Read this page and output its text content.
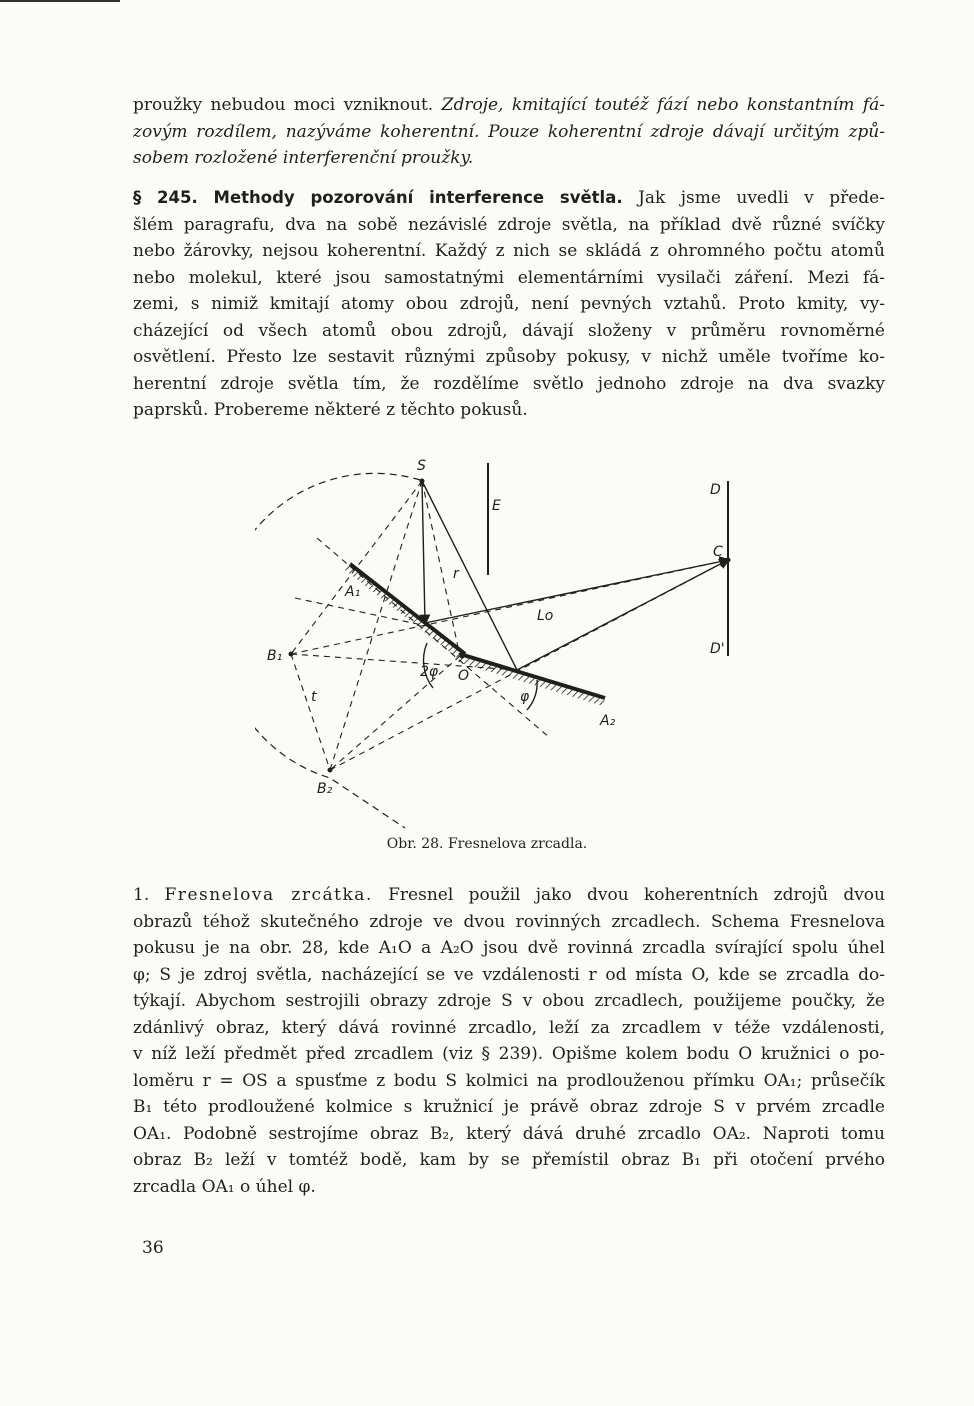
proužky nebudou moci vzniknout. Zdroje, kmitající toutéž fází nebo konstantním fá-
zovým rozdílem, nazýváme koherentní. Pouze koherentní zdroje dávají určitým způ-
sobem rozložené interferenční proužky.
§ 245. Methody pozorování interference světla. Jak jsme uvedli v přede-
šlém paragrafu, dva na sobě nezávislé zdroje světla, na příklad dvě různé svíčky
nebo žárovky, nejsou koherentní. Každý z nich se skládá z ohromného počtu atomů
nebo molekul, které jsou samostatnými elementárními vysilači záření. Mezi fá-
zemi, s nimiž kmitají atomy obou zdrojů, není pevných vztahů. Proto kmity, vy-
cházející od všech atomů obou zdrojů, dávají složeny v průměru rovnoměrné
osvětlení. Přesto lze sestavit různými způsoby pokusy, v nichž uměle tvoříme ko-
herentní zdroje světla tím, že rozdělíme světlo jednoho zdroje na dva svazky
paprsků. Probereme některé z těchto pokusů.
S
E
D
C
D'
A₁
A₂
B₁
B₂
O
r
t
Lo
φ
2φ
Obr. 28. Fresnelova zrcadla.
1. Fresnelova zrcátka. Fresnel použil jako dvou koherentních zdrojů dvou
obrazů téhož skutečného zdroje ve dvou rovinných zrcadlech. Schema Fresnelova
pokusu je na obr. 28, kde A₁O a A₂O jsou dvě rovinná zrcadla svírající spolu úhel
φ; S je zdroj světla, nacházející se ve vzdálenosti r od místa O, kde se zrcadla do-
týkají. Abychom sestrojili obrazy zdroje S v obou zrcadlech, použijeme poučky, že
zdánlivý obraz, který dává rovinné zrcadlo, leží za zrcadlem v téže vzdálenosti,
v níž leží předmět před zrcadlem (viz § 239). Opišme kolem bodu O kružnici o po-
loměru r = OS a spusťme z bodu S kolmici na prodlouženou přímku OA₁; průsečík
B₁ této prodloužené kolmice s kružnicí je právě obraz zdroje S v prvém zrcadle
OA₁. Podobně sestrojíme obraz B₂, který dává druhé zrcadlo OA₂. Naproti tomu
obraz B₂ leží v tomtéž bodě, kam by se přemístil obraz B₁ při otočení prvého
zrcadla OA₁ o úhel φ.
36
